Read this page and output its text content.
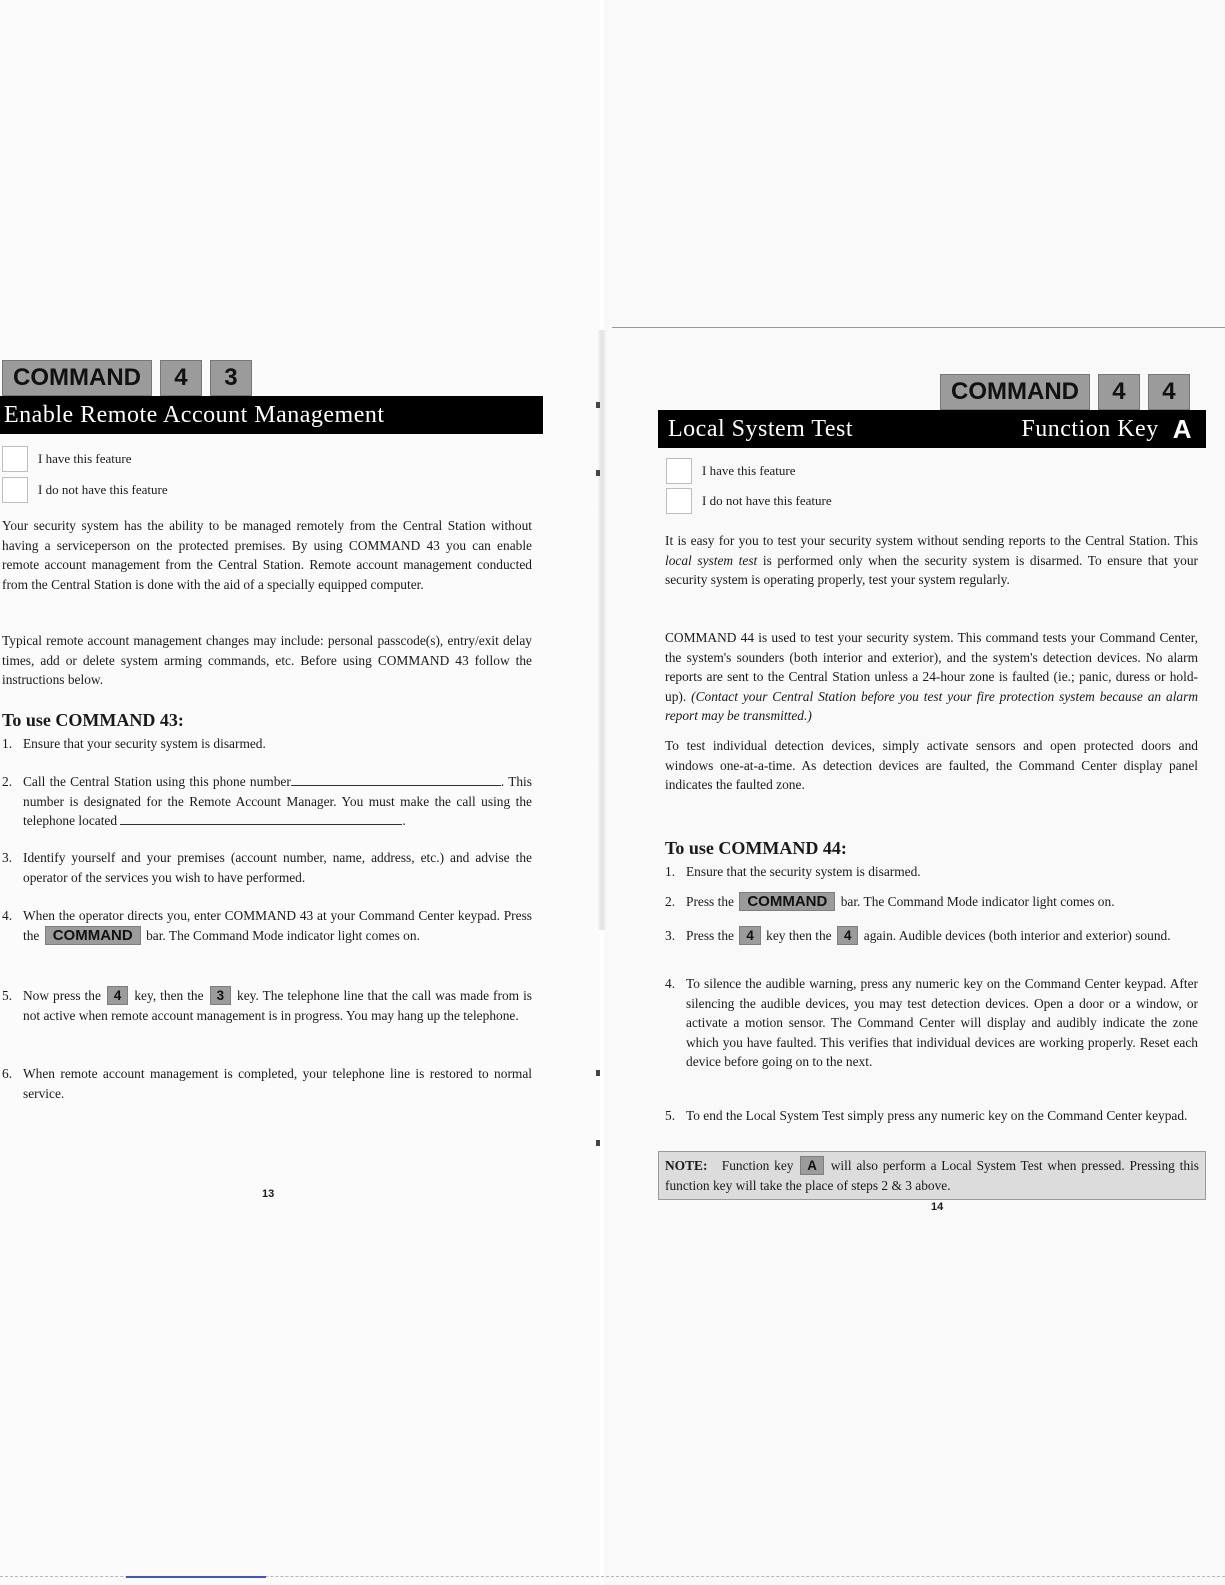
COMMAND	4	3
Enable Remote Account Management
I have this feature
I do not have this feature

Your security system has the ability to be managed remotely from the Central Station without having a serviceperson on the protected premises. By using COMMAND 43 you can enable remote account management from the Central Station. Remote account management conducted from the Central Station is done with the aid of a specially equipped computer.

Typical remote account management changes may include: personal passcode(s), entry/exit delay times, add or delete system arming commands, etc. Before using COMMAND 43 follow the instructions below.

To use COMMAND 43:
1. Ensure that your security system is disarmed.
2. Call the Central Station using this phone number	. This number is designated for the Remote Account Manager. You must make the call using the telephone located	.
3. Identify yourself and your premises (account number, name, address, etc.) and advise the operator of the services you wish to have performed.
4. When the operator directs you, enter COMMAND 43 at your Command Center keypad. Press the COMMAND bar. The Command Mode indicator light comes on.
5. Now press the 4 key, then the 3 key. The telephone line that the call was made from is not active when remote account management is in progress. You may hang up the telephone.
6. When remote account management is completed, your telephone line is restored to normal service.
13
COMMAND	4	4
Local System Test	Function Key A
I have this feature
I do not have this feature

It is easy for you to test your security system without sending reports to the Central Station. This local system test is performed only when the security system is disarmed. To ensure that your security system is operating properly, test your system regularly.

COMMAND 44 is used to test your security system. This command tests your Command Center, the system's sounders (both interior and exterior), and the system's detection devices. No alarm reports are sent to the Central Station unless a 24-hour zone is faulted (ie.; panic, duress or hold-up). (Contact your Central Station before you test your fire protection system because an alarm report may be transmitted.)

To test individual detection devices, simply activate sensors and open protected doors and windows one-at-a-time. As detection devices are faulted, the Command Center display panel indicates the faulted zone.

To use COMMAND 44:
1. Ensure that the security system is disarmed.
2. Press the COMMAND bar. The Command Mode indicator light comes on.
3. Press the 4 key then the 4 again. Audible devices (both interior and exterior) sound.
4. To silence the audible warning, press any numeric key on the Command Center keypad. After silencing the audible devices, you may test detection devices. Open a door or a window, or activate a motion sensor. The Command Center will display and audibly indicate the zone which you have faulted. This verifies that individual devices are working properly. Reset each device before going on to the next.
5. To end the Local System Test simply press any numeric key on the Command Center keypad.
NOTE: Function key A will also perform a Local System Test when pressed. Pressing this function key will take the place of steps 2 & 3 above.
14
